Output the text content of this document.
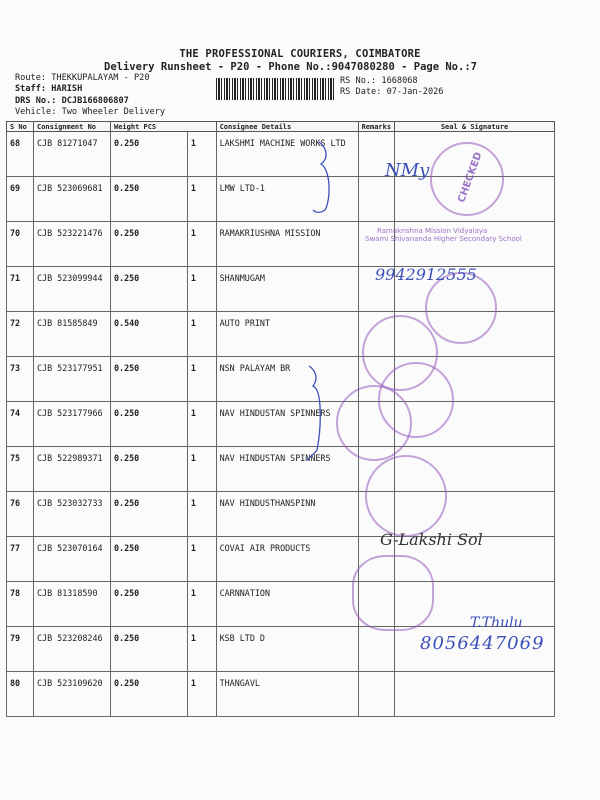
THE PROFESSIONAL COURIERS, COIMBATORE
Delivery Runsheet - P20 - Phone No.:9047080280 - Page No.:7
Route: THEKKUPALAYAM - P20
Staff: HARISH
DRS No.: DCJB166806807
Vehicle: Two Wheeler Delivery
RS No.: 1668068
RS Date: 07-Jan-2026
S No	Consignment No	Weight PCS		Consignee Details	Remarks	Seal & Signature
68	CJB 81271047	0.250	1	LAKSHMI MACHINE WORKS LTD		
69	CJB 523069681	0.250	1	LMW LTD-1		
70	CJB 523221476	0.250	1	RAMAKRIUSHNA MISSION		
71	CJB 523099944	0.250	1	SHANMUGAM		
72	CJB 81585849	0.540	1	AUTO PRINT		
73	CJB 523177951	0.250	1	NSN PALAYAM BR		
74	CJB 523177966	0.250	1	NAV HINDUSTAN SPINNERS		
75	CJB 522989371	0.250	1	NAV HINDUSTAN SPINNERS		
76	CJB 523032733	0.250	1	NAV HINDUSTHANSPINN		
77	CJB 523070164	0.250	1	COVAI AIR PRODUCTS		
78	CJB 81318590	0.250	1	CARNNATION		
79	CJB 523208246	0.250	1	KSB LTD D		
80	CJB 523109620	0.250	1	THANGAVL		
CHECKED
Ramakrishna Mission Vidyalaya
Swami Shivananda Higher Secondary School
NMy
9942912555
G-Lakshi Sol
T.Thulu
8056447069
